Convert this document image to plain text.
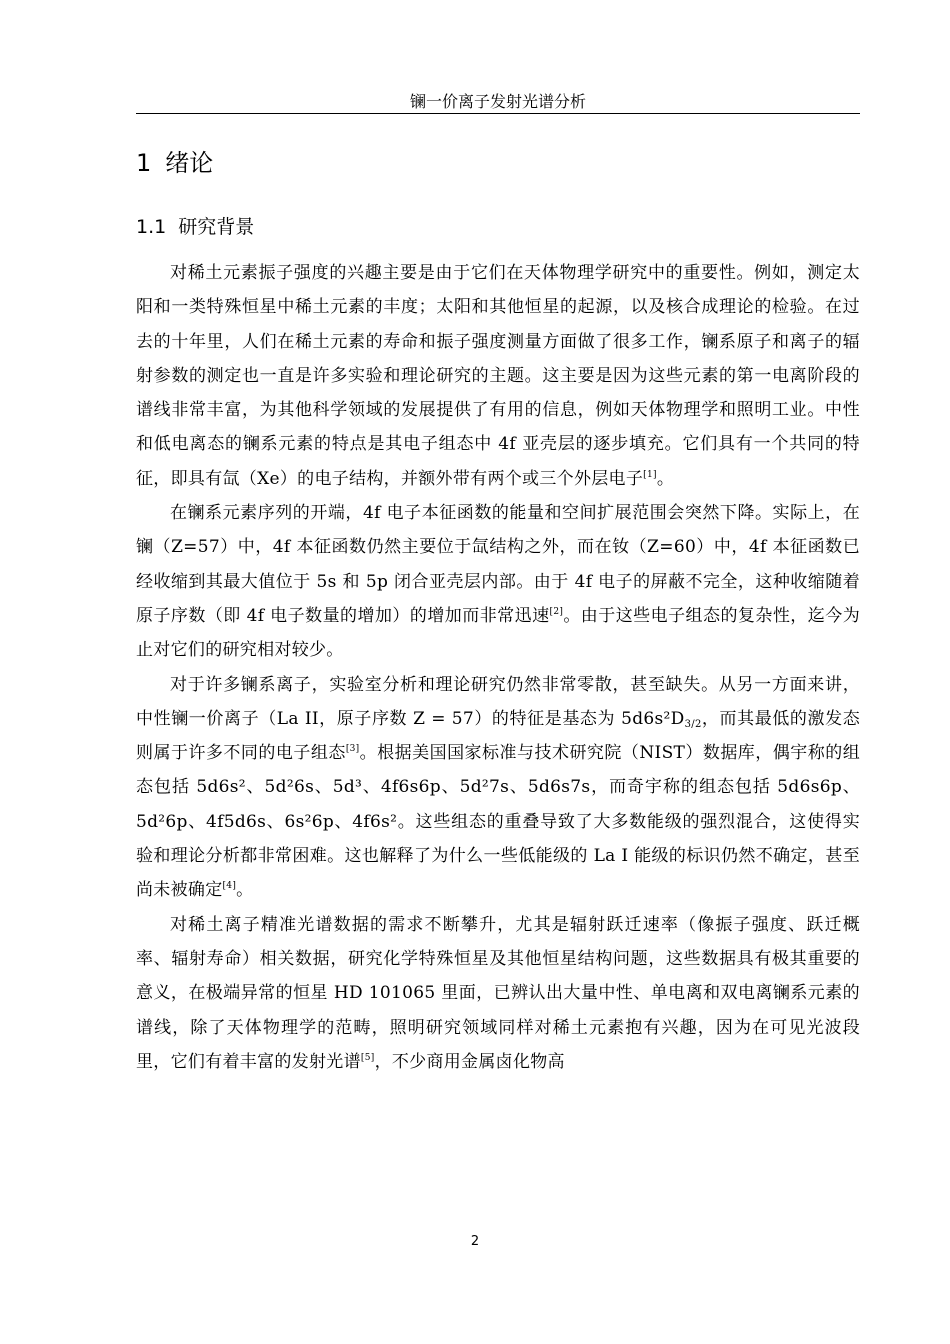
镧一价离子发射光谱分析
1 绪论
1.1 研究背景

对稀土元素振子强度的兴趣主要是由于它们在天体物理学研究中的重要性。例如，测定太阳和一类特殊恒星中稀土元素的丰度；太阳和其他恒星的起源，以及核合成理论的检验。在过去的十年里，人们在稀土元素的寿命和振子强度测量方面做了很多工作，镧系原子和离子的辐射参数的测定也一直是许多实验和理论研究的主题。这主要是因为这些元素的第一电离阶段的谱线非常丰富，为其他科学领域的发展提供了有用的信息，例如天体物理学和照明工业。中性和低电离态的镧系元素的特点是其电子组态中 4f 亚壳层的逐步填充。它们具有一个共同的特征，即具有氙（Xe）的电子结构，并额外带有两个或三个外层电子[1]。

在镧系元素序列的开端，4f 电子本征函数的能量和空间扩展范围会突然下降。实际上，在镧（Z=57）中，4f 本征函数仍然主要位于氙结构之外，而在钕（Z=60）中，4f 本征函数已经收缩到其最大值位于 5s 和 5p 闭合亚壳层内部。由于 4f 电子的屏蔽不完全，这种收缩随着原子序数（即 4f 电子数量的增加）的增加而非常迅速[2]。由于这些电子组态的复杂性，迄今为止对它们的研究相对较少。

对于许多镧系离子，实验室分析和理论研究仍然非常零散，甚至缺失。从另一方面来讲，中性镧一价离子（La II，原子序数 Z = 57）的特征是基态为 $5d6s^2D_{3/2}$，而其最低的激发态则属于许多不同的电子组态[3]。根据美国国家标准与技术研究院（NIST）数据库，偶宇称的组态包括 5d6s²、5d²6s、5d³、4f6s6p、5d²7s、5d6s7s，而奇宇称的组态包括 5d6s6p、5d²6p、4f5d6s、6s²6p、4f6s²。这些组态的重叠导致了大多数能级的强烈混合，这使得实验和理论分析都非常困难。这也解释了为什么一些低能级的 La I 能级的标识仍然不确定，甚至尚未被确定[4]。

对稀土离子精准光谱数据的需求不断攀升，尤其是辐射跃迁速率（像振子强度、跃迁概率、辐射寿命）相关数据，研究化学特殊恒星及其他恒星结构问题，这些数据具有极其重要的意义，在极端异常的恒星 HD 101065 里面，已辨认出大量中性、单电离和双电离镧系元素的谱线，除了天体物理学的范畴，照明研究领域同样对稀土元素抱有兴趣，因为在可见光波段里，它们有着丰富的发射光谱[5]，不少商用金属卤化物高

2
